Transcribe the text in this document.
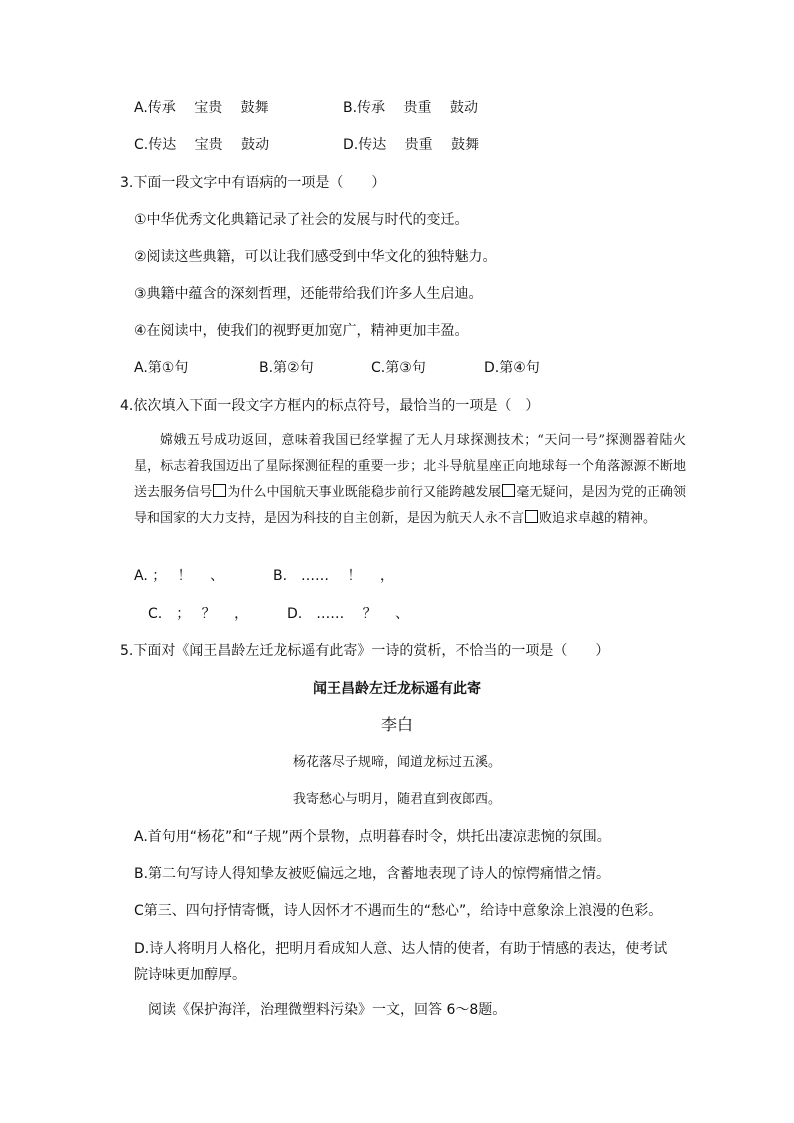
A.传承　 宝贵　 鼓舞	B.传承　 贵重　 鼓动
C.传达　 宝贵　 鼓动	D.传达　 贵重　 鼓舞
3.下面一段文字中有语病的一项是（　　）
①中华优秀文化典籍记录了社会的发展与时代的变迁。
②阅读这些典籍，可以让我们感受到中华文化的独特魅力。
③典籍中蕴含的深刻哲理，还能带给我们许多人生启迪。
④在阅读中，使我们的视野更加宽广，精神更加丰盈。
A.第①句	B.第②句	C.第③句	D.第④句
4.依次填入下面一段文字方框内的标点符号，最恰当的一项是（　）
嫦娥五号成功返回，意味着我国已经掌握了无人月球探测技术；“天问一号”探测器着陆火星，标志着我国迈出了星际探测征程的重要一步；北斗导航星座正向地球每一个角落源源不断地送去服务信号 为什么中国航天事业既能稳步前行又能跨越发展 毫无疑问，是因为党的正确领导和国家的大力支持，是因为科技的自主创新，是因为航天人永不言 败追求卓越的精神。
A. ；　 ！　 、	B.　……　 ！　 ，
C.　；　 ？　 ，	D.　……　 ？　 、
5.下面对《闻王昌龄左迁龙标遥有此寄》一诗的赏析，不恰当的一项是（　　）
闻王昌龄左迁龙标遥有此寄
李白
杨花落尽子规啼，闻道龙标过五溪。
我寄愁心与明月，随君直到夜郎西。
A.首句用“杨花”和“子规”两个景物，点明暮春时令，烘托出凄凉悲惋的氛围。
B.第二句写诗人得知挚友被贬偏远之地，含蓄地表现了诗人的惊愕痛惜之情。
C第三、四句抒情寄慨，诗人因怀才不遇而生的“愁心”，给诗中意象涂上浪漫的色彩。
D.诗人将明月人格化，把明月看成知人意、达人情的使者，有助于情感的表达，使考试院诗味更加醇厚。
阅读《保护海洋，治理微塑料污染》一文，回答 6～8题。
